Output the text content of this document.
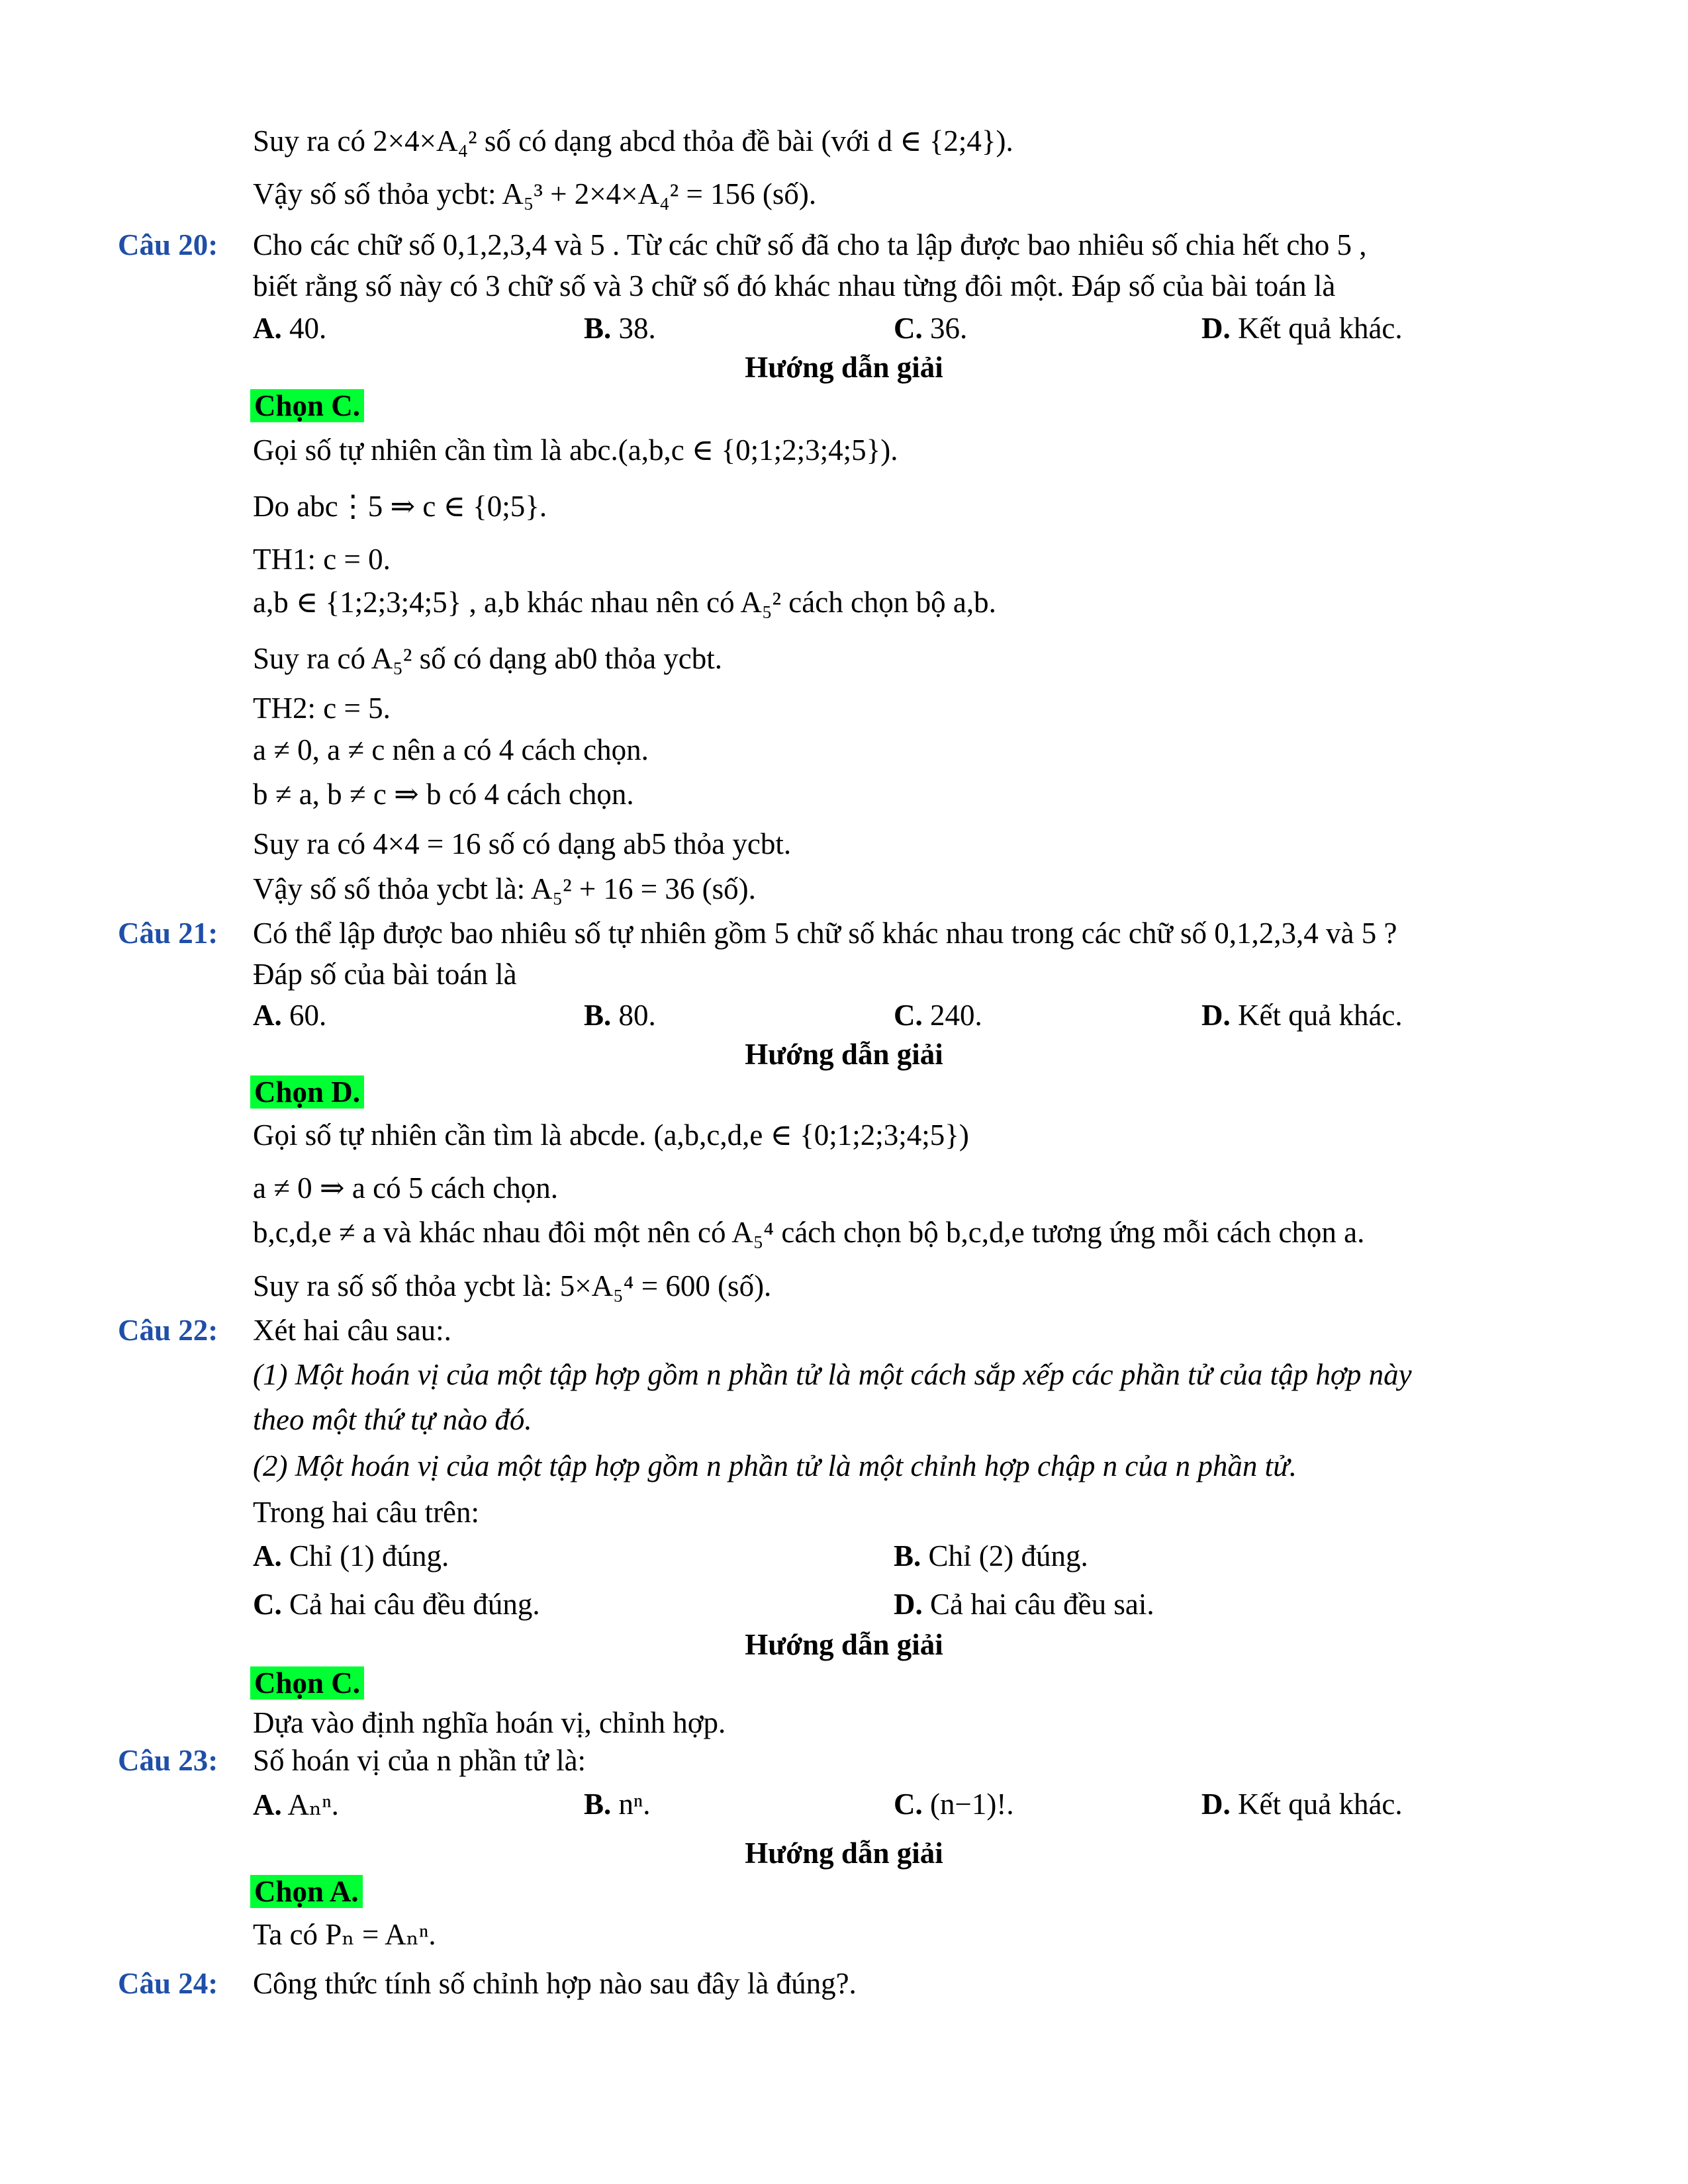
Suy ra có 2×4×A₄² số có dạng abcd thỏa đề bài (với d ∈ {2;4}).
Vậy số số thỏa ycbt: A₅³ + 2×4×A₄² = 156 (số).
Câu 20: Cho các chữ số 0,1,2,3,4 và 5 . Từ các chữ số đã cho ta lập được bao nhiêu số chia hết cho 5 ,
biết rằng số này có 3 chữ số và 3 chữ số đó khác nhau từng đôi một. Đáp số của bài toán là
A. 40.	B. 38.	C. 36.	D. Kết quả khác.
Hướng dẫn giải
Chọn C.
Gọi số tự nhiên cần tìm là abc.(a,b,c ∈ {0;1;2;3;4;5}).
Do abc⋮5 ⇒ c ∈ {0;5}.
TH1: c = 0.
a,b ∈ {1;2;3;4;5} , a,b khác nhau nên có A₅² cách chọn bộ a,b.
Suy ra có A₅² số có dạng ab0 thỏa ycbt.
TH2: c = 5.
a ≠ 0, a ≠ c nên a có 4 cách chọn.
b ≠ a, b ≠ c ⇒ b có 4 cách chọn.
Suy ra có 4×4 = 16 số có dạng ab5 thỏa ycbt.
Vậy số số thỏa ycbt là: A₅² + 16 = 36 (số).
Câu 21: Có thể lập được bao nhiêu số tự nhiên gồm 5 chữ số khác nhau trong các chữ số 0,1,2,3,4 và 5 ?
Đáp số của bài toán là
A. 60.	B. 80.	C. 240.	D. Kết quả khác.
Hướng dẫn giải
Chọn D.
Gọi số tự nhiên cần tìm là abcde. (a,b,c,d,e ∈ {0;1;2;3;4;5})
a ≠ 0 ⇒ a có 5 cách chọn.
b,c,d,e ≠ a và khác nhau đôi một nên có A₅⁴ cách chọn bộ b,c,d,e tương ứng mỗi cách chọn a.
Suy ra số số thỏa ycbt là: 5×A₅⁴ = 600 (số).
Câu 22: Xét hai câu sau:.
(1) Một hoán vị của một tập hợp gồm n phần tử là một cách sắp xếp các phần tử của tập hợp này
theo một thứ tự nào đó.
(2) Một hoán vị của một tập hợp gồm n phần tử là một chỉnh hợp chập n của n phần tử.
Trong hai câu trên:
A. Chỉ (1) đúng.	B. Chỉ (2) đúng.
C. Cả hai câu đều đúng.	D. Cả hai câu đều sai.
Hướng dẫn giải
Chọn C.
Dựa vào định nghĩa hoán vị, chỉnh hợp.
Câu 23: Số hoán vị của n phần tử là:
A. Aₙⁿ.	B. nⁿ.	C. (n−1)!.	D. Kết quả khác.
Hướng dẫn giải
Chọn A.
Ta có Pₙ = Aₙⁿ.
Câu 24: Công thức tính số chỉnh hợp nào sau đây là đúng?.
